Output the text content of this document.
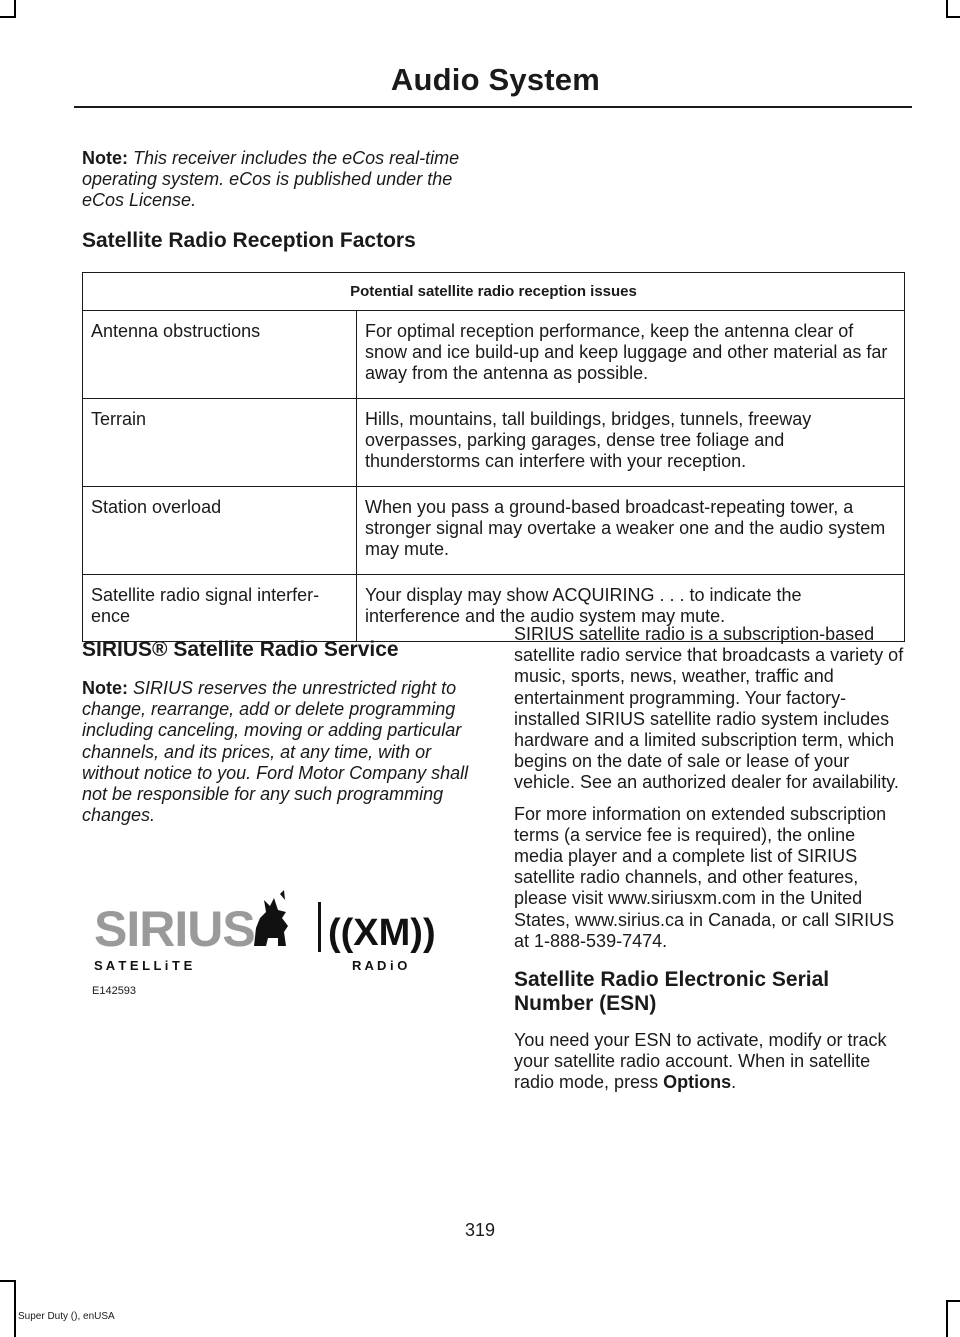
Audio System
Note: This receiver includes the eCos real-time operating system. eCos is published under the eCos License.
Satellite Radio Reception Factors
Potential satellite radio reception issues	
Antenna obstructions	For optimal reception performance, keep the antenna clear of snow and ice build-up and keep luggage and other material as far away from the antenna as possible.
Terrain	Hills, mountains, tall buildings, bridges, tunnels, freeway overpasses, parking garages, dense tree foliage and thunderstorms can interfere with your reception.
Station overload	When you pass a ground-based broadcast-repeating tower, a stronger signal may overtake a weaker one and the audio system may mute.
Satellite radio signal interfer-ence	Your display may show ACQUIRING . . . to indicate the interference and the audio system may mute.
SIRIUS® Satellite Radio Service
Note: SIRIUS reserves the unrestricted right to change, rearrange, add or delete programming including canceling, moving or adding particular channels, and its prices, at any time, with or without notice to you. Ford Motor Company shall not be responsible for any such programming changes.
SIRIUS ((XM))
S A T E L L i T E	R A D i O
E142593

SIRIUS satellite radio is a subscription-based satellite radio service that broadcasts a variety of music, sports, news, weather, traffic and entertainment programming. Your factory-installed SIRIUS satellite radio system includes hardware and a limited subscription term, which begins on the date of sale or lease of your vehicle. See an authorized dealer for availability.

For more information on extended subscription terms (a service fee is required), the online media player and a complete list of SIRIUS satellite radio channels, and other features, please visit www.siriusxm.com in the United States, www.sirius.ca in Canada, or call SIRIUS at 1-888-539-7474.

Satellite Radio Electronic Serial Number (ESN)

You need your ESN to activate, modify or track your satellite radio account. When in satellite radio mode, press Options.

319
Super Duty (), enUSA
